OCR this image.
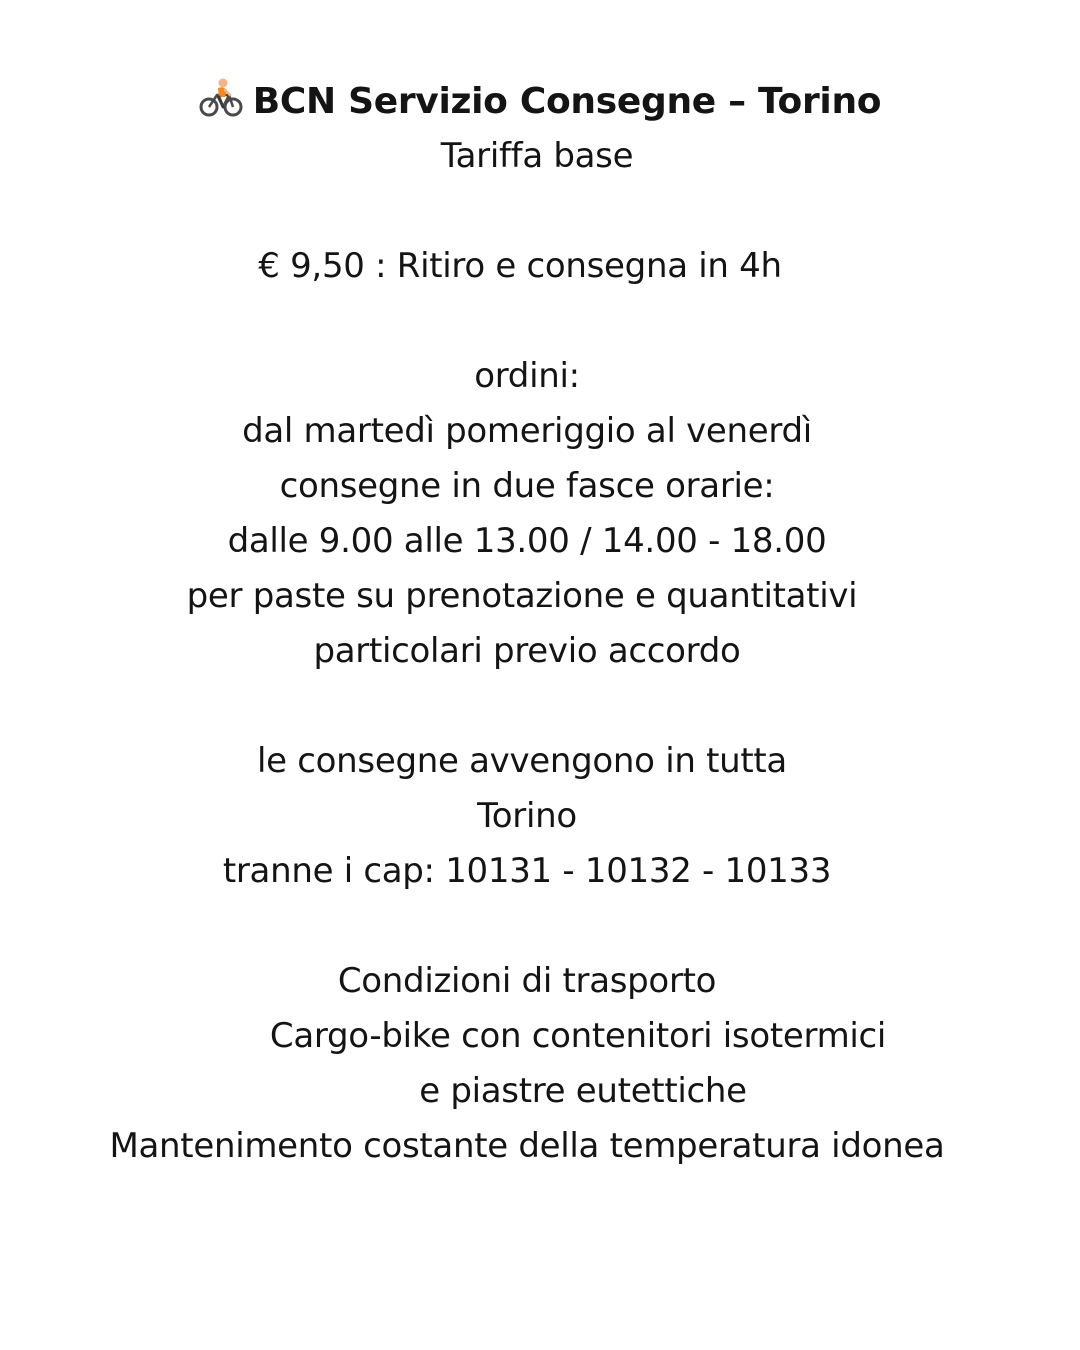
BCN Servizio Consegne – Torino
Tariffa base
€ 9,50 : Ritiro e consegna in 4h
ordini:
dal martedì pomeriggio al venerdì
consegne in due fasce orarie:
dalle 9.00 alle 13.00 / 14.00 - 18.00
per paste su prenotazione e quantitativi
particolari previo accordo
le consegne avvengono in tutta
Torino
tranne i cap: 10131 - 10132 - 10133
Condizioni di trasporto
Cargo-bike con contenitori isotermici
e piastre eutettiche
Mantenimento costante della temperatura idonea
